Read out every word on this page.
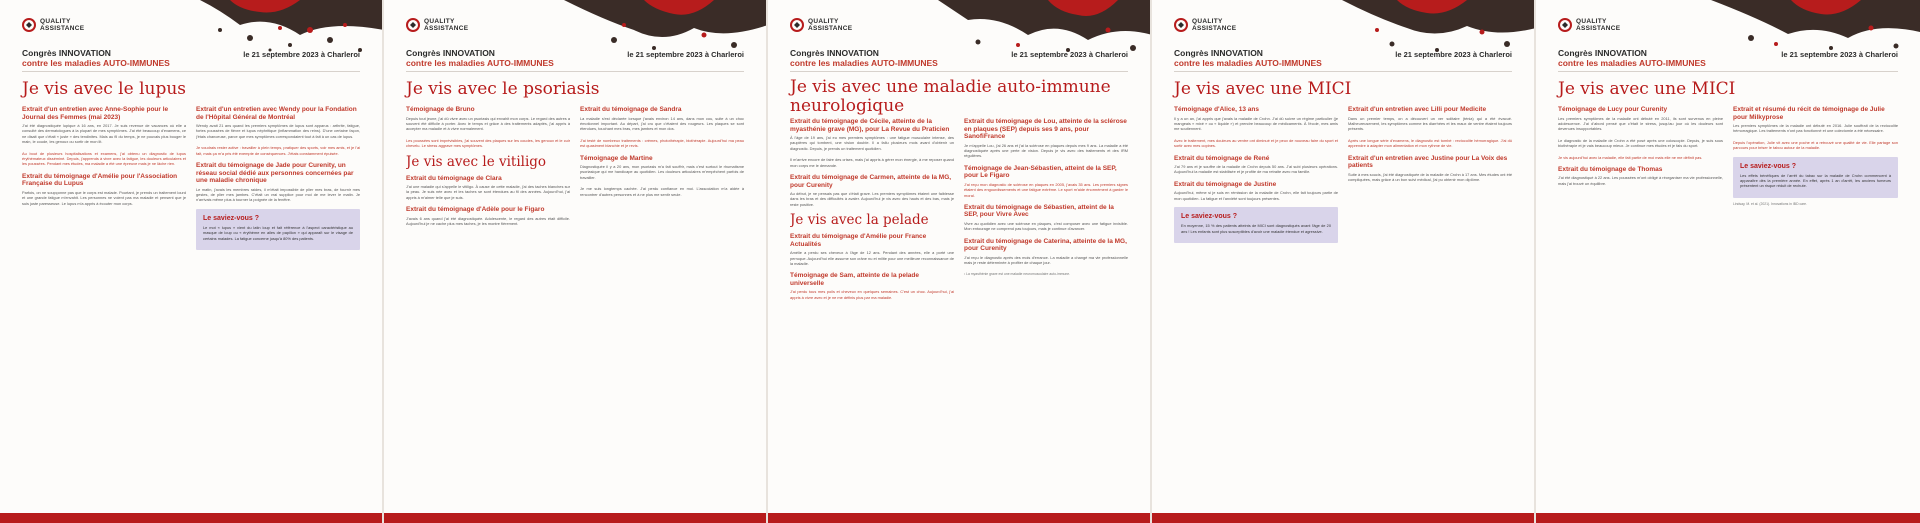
QUALITY
ASSISTANCE
Congrès INNOVATION
contre les maladies AUTO-IMMUNES
le 21 septembre 2023 à Charleroi
Je vis avec le lupus
Extrait d'un entretien avec Anne-Sophie pour le Journal des Femmes (mai 2023)
J'ai été diagnostiquée lupique à 16 ans, en 2017. Je suis revenue de vacances où elle a consulté des dermatologues à la plupart de mes symptômes. J'ai été beaucoup d'examens, ce ne disait que c'était « juste » des tendinites. Mais au fil du temps, je ne pouvais plus bouger le main, le coude, les genoux ou sortir de mon lit.
Au bout de plusieurs hospitalisations et examens, j'ai obtenu un diagnostic de lupus érythémateux disséminé. Depuis, j'apprends à vivre avec la fatigue, les douleurs articulaires et les poussées. Pendant mes études, ma maladie a été une épreuve mais je ne lâche rien.
Extrait du témoignage d'Amélie pour l'Association Française du Lupus
Parfois, on ne soupçonne pas que le corps est malade. Pourtant, je prends un traitement lourd et une grande fatigue m'envahit. Les personnes ne voient pas ma maladie et pensent que je suis juste paresseuse. Le lupus m'a appris à écouter mon corps.
Extrait d'un entretien avec Wendy pour la Fondation de l'Hôpital Général de Montréal
Wendy avait 21 ans quand les premiers symptômes de lupus sont apparus : arthrite, fatigue, fortes poussées de fièvre et lupus néphritique (inflammation des reins). D'une certaine façon, j'étais chanceuse, parce que mes symptômes correspondaient tout à fait à un cas de lupus.
Je voudrais rester active : travailler à plein temps, pratiquer des sports, voir mes amis, et je l'ai fait, mais ça m'a pris été exempte de conséquences. J'étais constamment épuisée.
Extrait du témoignage de Jade pour Curenity, un réseau social dédié aux personnes concernées par une maladie chronique
Le matin, j'avais les membres raides, il m'était impossible de plier mes bras, de fournir mes gestes, de plier mes jambes. C'était un vrai supplice pour moi de me lever le matin. Je n'arrivais même plus à tourner la poignée de la fenêtre.
Le saviez-vous ?
Le mot « lupus » vient du latin loup et fait référence à l'aspect caractéristique au masque de loup ou « érythème en ailes de papillon » qui apparaît sur le visage de certains malades. La fatigue concerne jusqu'à 80% des patients.
QUALITY
ASSISTANCE
Congrès INNOVATION
contre les maladies AUTO-IMMUNES
le 21 septembre 2023 à Charleroi
Je vis avec le psoriasis
Témoignage de Bruno
Depuis tout jeune, j'ai dû vivre avec un psoriasis qui envahit mon corps. Le regard des autres a souvent été difficile à porter. Avec le temps et grâce à des traitements adaptés, j'ai appris à accepter ma maladie et à vivre normalement.
Les poussées sont imprévisibles, j'ai souvent des plaques sur les coudes, les genoux et le cuir chevelu. Le stress aggrave mes symptômes.
Je vis avec le vitiligo
Extrait du témoignage de Clara
J'ai une maladie qui s'appelle le vitiligo. À cause de cette maladie, j'ai des taches blanches sur la peau. Je suis née avec et les taches se sont étendues au fil des années. Aujourd'hui, j'ai appris à m'aimer telle que je suis.
Extrait du témoignage d'Adèle pour le Figaro
J'avais 6 ans quand j'ai été diagnostiquée. Adolescente, le regard des autres était difficile. Aujourd'hui je ne cache plus mes taches, je les montre fièrement.
Extrait du témoignage de Sandra
La maladie s'est déclarée lorsque j'avais environ 14 ans, dans mon cou, suite à un choc émotionnel important. Au départ, j'ai cru que c'étaient des rougeurs. Les plaques se sont étendues, touchant mes bras, mes jambes et mon dos.
J'ai testé de nombreux traitements : crèmes, photothérapie, biothérapie. Aujourd'hui ma peau est quasiment blanchie et je revis.
Témoignage de Martine
Diagnostiquée il y a 20 ans, mon psoriasis m'a fait souffrir, mais c'est surtout le rhumatisme psoriasique qui me handicape au quotidien. Les douleurs articulaires m'empêchent parfois de travailler.
Je me suis longtemps cachée. J'ai perdu confiance en moi. L'association m'a aidée à rencontrer d'autres personnes et à ne plus me sentir seule.
QUALITY
ASSISTANCE
Congrès INNOVATION
contre les maladies AUTO-IMMUNES
le 21 septembre 2023 à Charleroi
Je vis avec une maladie auto-immune neurologique
Extrait du témoignage de Cécile, atteinte de la myasthénie grave (MG), pour La Revue du Praticien
À l'âge de 19 ans, j'ai eu mes premiers symptômes : une fatigue musculaire intense, des paupières qui tombent, une vision double. Il a fallu plusieurs mois avant d'obtenir un diagnostic. Depuis, je prends un traitement quotidien.
Il m'arrive encore de faire des crises, mais j'ai appris à gérer mon énergie, à me reposer quand mon corps me le demande.
Extrait du témoignage de Carmen, atteinte de la MG, pour Curenity
Au début, je ne pensais pas que c'était grave. Les premiers symptômes étaient une faiblesse dans les bras et des difficultés à avaler. Aujourd'hui je vis avec des hauts et des bas, mais je reste positive.
Je vis avec la pelade
Extrait du témoignage d'Amélie pour France Actualités
Amélie a perdu ses cheveux à l'âge de 12 ans. Pendant des années, elle a porté une perruque. Aujourd'hui elle assume son crâne nu et milite pour une meilleure reconnaissance de la maladie.
Témoignage de Sam, atteinte de la pelade universelle
J'ai perdu tous mes poils et cheveux en quelques semaines. C'est un choc. Aujourd'hui, j'ai appris à vivre avec et je ne me définis plus par ma maladie.
Extrait du témoignage de Lou, atteinte de la sclérose en plaques (SEP) depuis ses 9 ans, pour SanofiFrance
Je m'appelle Lou, j'ai 26 ans et j'ai la sclérose en plaques depuis mes 9 ans. La maladie a été diagnostiquée après une perte de vision. Depuis je vis avec des traitements et des IRM régulières.
Témoignage de Jean-Sébastien, atteint de la SEP, pour Le Figaro
J'ai reçu mon diagnostic de sclérose en plaques en 2005, j'avais 35 ans. Les premiers signes étaient des engourdissements et une fatigue extrême. Le sport m'aide énormément à garder le moral.
Extrait du témoignage de Sébastien, atteint de la SEP, pour Vivre Avec
Vivre au quotidien avec une sclérose en plaques, c'est composer avec une fatigue invisible. Mon entourage ne comprend pas toujours, mais je continue d'avancer.
Extrait du témoignage de Caterina, atteinte de la MG, pour Curenity
J'ai reçu le diagnostic après des mois d'errance. La maladie a changé ma vie professionnelle mais je reste déterminée à profiter de chaque jour.
¹ La myasthénie grave est une maladie neuromusculaire auto-immune.
QUALITY
ASSISTANCE
Congrès INNOVATION
contre les maladies AUTO-IMMUNES
le 21 septembre 2023 à Charleroi
Je vis avec une MICI
Témoignage d'Alice, 13 ans
Il y a un an, j'ai appris que j'avais la maladie de Crohn. J'ai dû suivre un régime particulier (je mangeais « mixé » ou « liquide ») et prendre beaucoup de médicaments. À l'école, mes amis me soutiennent.
Avec le traitement, mes douleurs au ventre ont diminué et je peux de nouveau faire du sport et sortir avec mes copines.
Extrait du témoignage de René
J'ai 79 ans et je souffre de la maladie de Crohn depuis 50 ans. J'ai subi plusieurs opérations. Aujourd'hui la maladie est stabilisée et je profite de ma retraite avec ma famille.
Extrait du témoignage de Justine
Aujourd'hui, même si je suis en rémission de la maladie de Crohn, elle fait toujours partie de mon quotidien. La fatigue et l'anxiété sont toujours présentes.
Le saviez-vous ?
En moyenne, 15 % des patients atteints de MICI sont diagnostiqués avant l'âge de 20 ans ! Les enfants sont plus susceptibles d'avoir une maladie étendue et agressive.
Extrait d'un entretien avec Lilli pour Medicite
Dans un premier temps, on a découvert un ver solitaire (ténia) qui a été évacué. Malheureusement, les symptômes comme les diarrhées et les maux de ventre étaient toujours présents.
Après une longue série d'examens, le diagnostic est tombé : rectocolite hémorragique. J'ai dû apprendre à adapter mon alimentation et mon rythme de vie.
Extrait d'un entretien avec Justine pour La Voix des patients
Suite à mes soucis, j'ai été diagnostiquée de la maladie de Crohn à 17 ans. Mes études ont été compliquées, mais grâce à un bon suivi médical, j'ai pu obtenir mon diplôme.
QUALITY
ASSISTANCE
Congrès INNOVATION
contre les maladies AUTO-IMMUNES
le 21 septembre 2023 à Charleroi
Je vis avec une MICI
Témoignage de Lucy pour Curenity
Les premiers symptômes de la maladie ont débuté en 2011, ils sont survenus en pleine adolescence. J'ai d'abord pensé que c'était le stress, jusqu'au jour où les douleurs sont devenues insupportables.
Le diagnostic de la maladie de Crohn a été posé après une coloscopie. Depuis, je suis sous biothérapie et je vais beaucoup mieux. Je continue mes études et je fais du sport.
Je vis aujourd'hui avec la maladie, elle fait partie de moi mais elle ne me définit pas.
Extrait du témoignage de Thomas
J'ai été diagnostiqué à 22 ans. Les poussées m'ont obligé à réorganiser ma vie professionnelle, mais j'ai trouvé un équilibre.
Extrait et résumé du récit de témoignage de Julie pour Milkyprose
Les premiers symptômes de la maladie ont débuté en 2016. Julie souffrait de la rectocolite hémorragique. Les traitements n'ont pas fonctionné et une colectomie a été nécessaire.
Depuis l'opération, Julie vit avec une poche et a retrouvé une qualité de vie. Elle partage son parcours pour briser le tabou autour de la maladie.
Le saviez-vous ?
Les effets bénéfiques de l'arrêt du tabac sur la maladie de Crohn commencent à apparaître dès la première année. En effet, après 1 an d'arrêt, les anciens fumeurs présentent un risque réduit de rechute.
Lindsay, M. et al. (2021). Innovations in IBD care.
